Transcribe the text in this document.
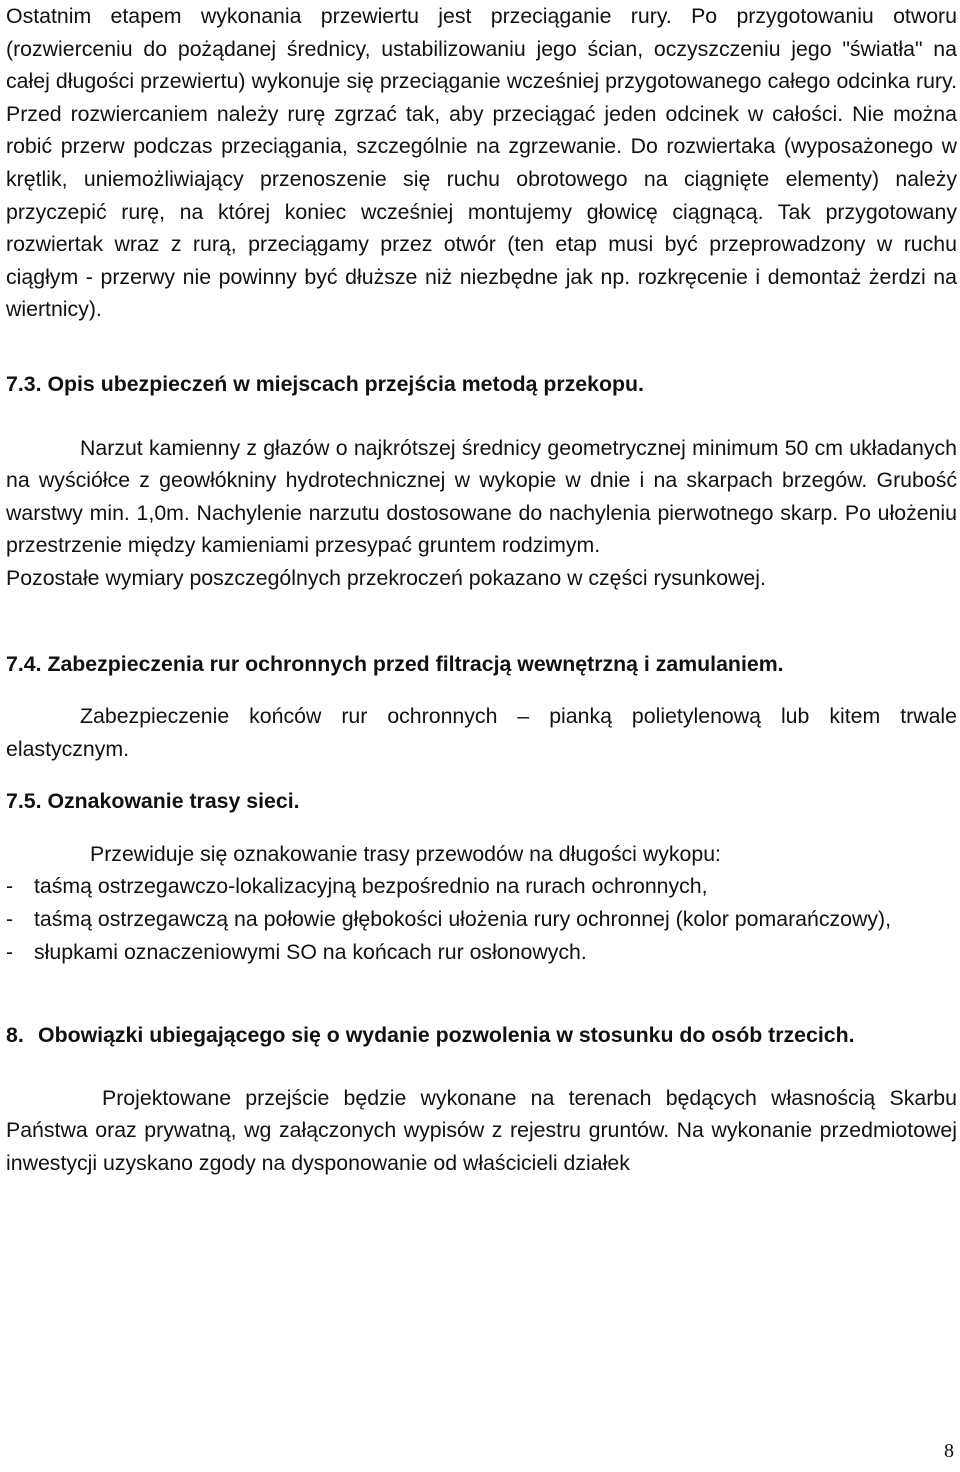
Ostatnim etapem wykonania przewiertu jest przeciąganie rury. Po przygotowaniu otworu (rozwierceniu do pożądanej średnicy, ustabilizowaniu jego ścian, oczyszczeniu jego "światła" na całej długości przewiertu) wykonuje się przeciąganie wcześniej przygotowanego całego odcinka rury. Przed rozwiercaniem należy rurę zgrzać tak, aby przeciągać jeden odcinek w całości. Nie można robić przerw podczas przeciągania, szczególnie na zgrzewanie. Do rozwiertaka (wyposażonego w krętlik, uniemożliwiający przenoszenie się ruchu obrotowego na ciągnięte elementy) należy przyczepić rurę, na której koniec wcześniej montujemy głowicę ciągnącą. Tak przygotowany rozwiertak wraz z rurą, przeciągamy przez otwór (ten etap musi być przeprowadzony w ruchu ciągłym - przerwy nie powinny być dłuższe niż niezbędne jak np. rozkręcenie i demontaż żerdzi na wiertnicy).

7.3. Opis ubezpieczeń w miejscach przejścia metodą przekopu.

Narzut kamienny z głazów o najkrótszej średnicy geometrycznej minimum 50 cm układanych na wyściółce z geowłókniny hydrotechnicznej w wykopie w dnie i na skarpach brzegów. Grubość warstwy min. 1,0m. Nachylenie narzutu dostosowane do nachylenia pierwotnego skarp. Po ułożeniu przestrzenie między kamieniami przesypać gruntem rodzimym.

Pozostałe wymiary poszczególnych przekroczeń pokazano w części rysunkowej.

7.4. Zabezpieczenia rur ochronnych przed filtracją wewnętrzną i zamulaniem.

Zabezpieczenie końców rur ochronnych – pianką polietylenową lub kitem trwale elastycznym.

7.5. Oznakowanie trasy sieci.

Przewiduje się oznakowanie trasy przewodów na długości wykopu:

- taśmą ostrzegawczo-lokalizacyjną bezpośrednio na rurach ochronnych,

- taśmą ostrzegawczą na połowie głębokości ułożenia rury ochronnej (kolor pomarańczowy),

- słupkami oznaczeniowymi SO na końcach rur osłonowych.

8. Obowiązki ubiegającego się o wydanie pozwolenia w stosunku do osób trzecich.

Projektowane przejście będzie wykonane na terenach będących własnością Skarbu Państwa oraz prywatną, wg załączonych wypisów z rejestru gruntów. Na wykonanie przedmiotowej inwestycji uzyskano zgody na dysponowanie od właścicieli działek

8
